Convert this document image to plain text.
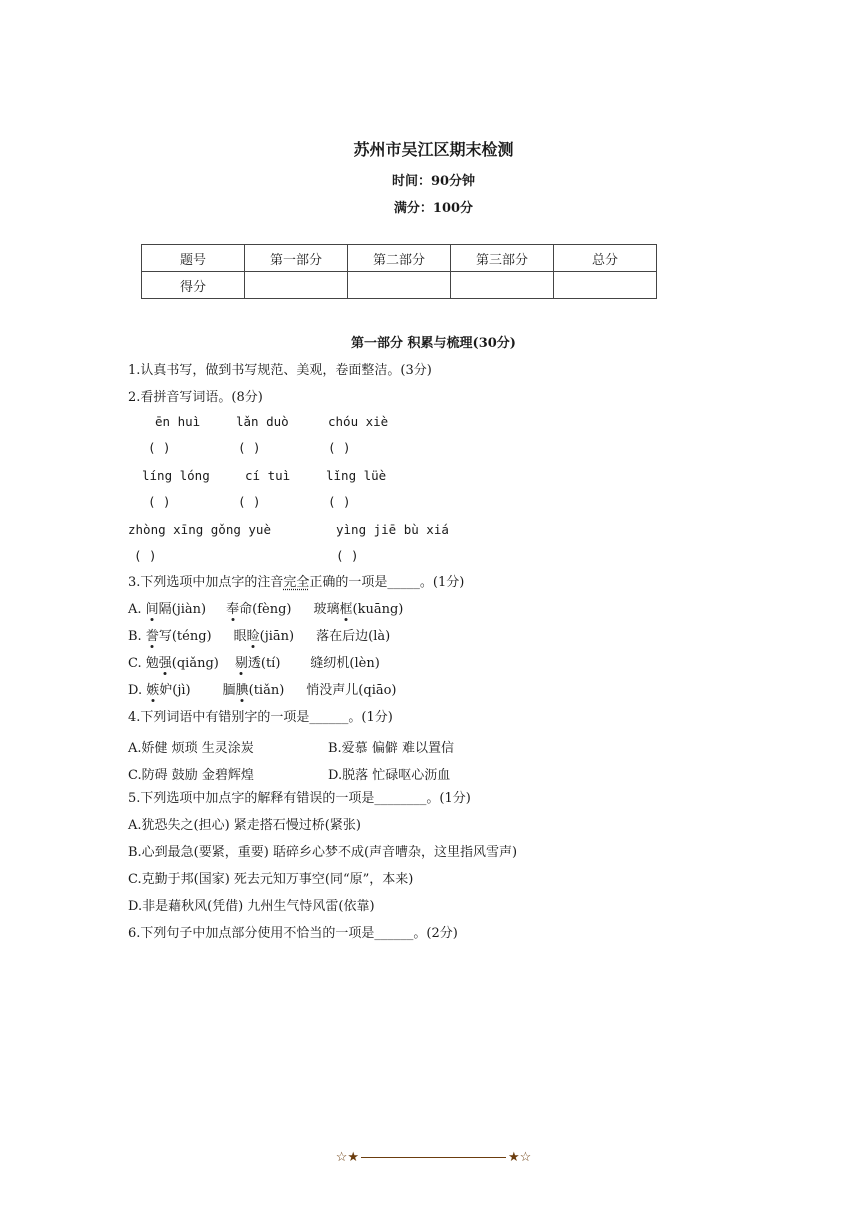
苏州市吴江区期末检测
时间：90分钟
满分：100分
题号	第一部分	第二部分	第三部分	总分
得分				
第一部分 积累与梳理(30分)
1.认真书写，做到书写规范、美观，卷面整洁。(3分)
2.看拼音写词语。(8分)
ēn huì	lǎn duò	chóu xiè
( )	( )	( )
líng lóng	cí tuì	lǐng lüè
( )	( )	( )
zhòng xīng gǒng yuè	yìng jiē bù xiá
( )	( )
3.下列选项中加点字的注音完全正确的一项是_____。(1分)
A. 间隔(jiàn) 奉命(fèng) 玻璃框(kuāng)
B. 誊写(téng) 眼睑(jiān) 落在后边(là)
C. 勉强(qiǎng) 剔透(tí) 缝纫机(lèn)
D. 嫉妒(jì) 腼腆(tiǎn) 悄没声儿(qiāo)
4.下列词语中有错别字的一项是______。(1分)
A.娇健 烦琐 生灵涂炭	B.爱慕 偏僻 难以置信
C.防碍 鼓励 金碧辉煌	D.脱落 忙碌呕心沥血
5.下列选项中加点字的解释有错误的一项是________。(1分)
A.犹恐失之(担心) 紧走搭石慢过桥(紧张)
B.心到最急(要紧，重要) 聒碎乡心梦不成(声音嘈杂，这里指风雪声)
C.克勤于邦(国家) 死去元知万事空(同“原”，本来)
D.非是藉秋风(凭借) 九州生气恃风雷(依靠)
6.下列句子中加点部分使用不恰当的一项是______。(2分)
☆★	★☆
